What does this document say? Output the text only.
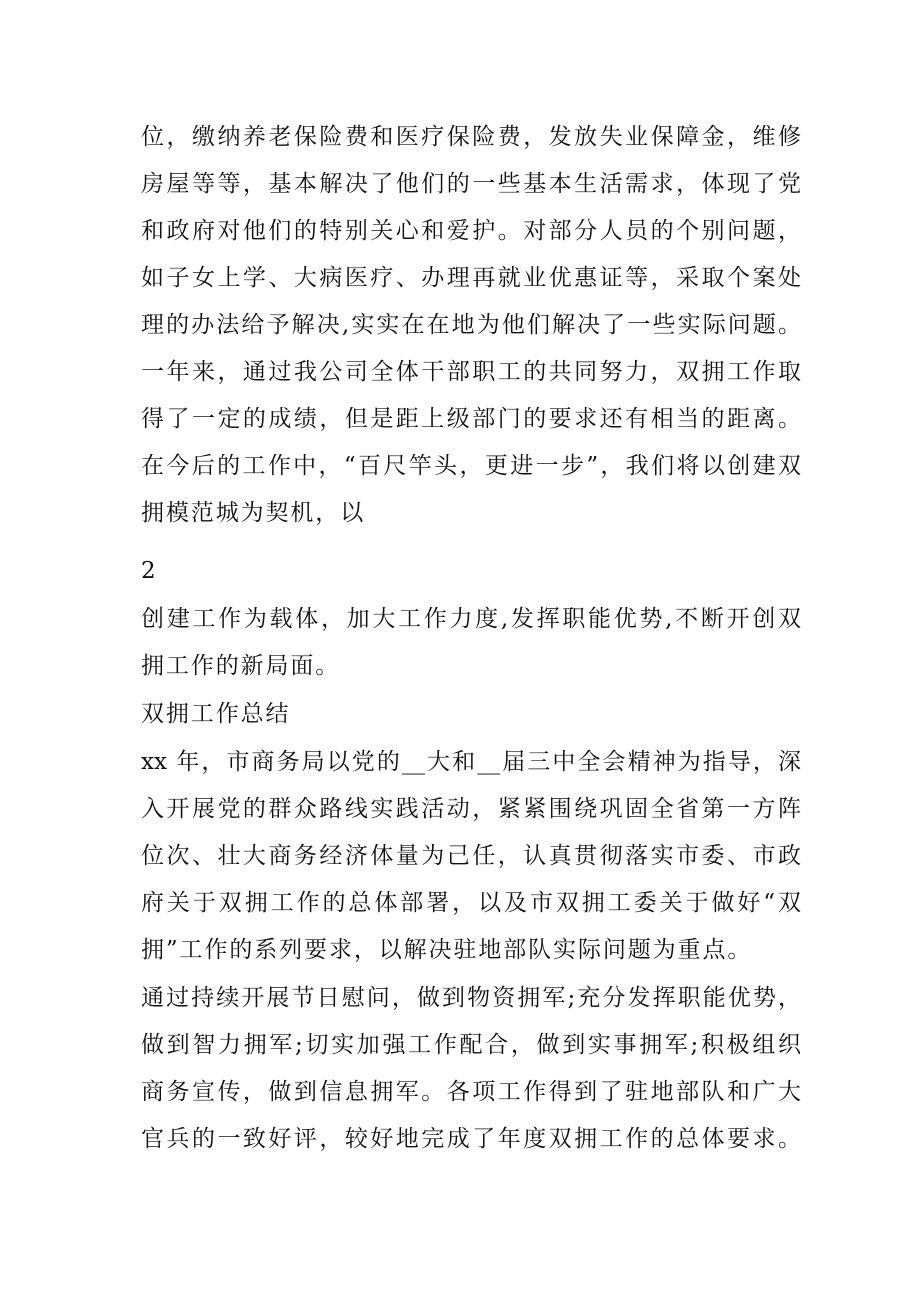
位，缴纳养老保险费和医疗保险费，发放失业保障金，维修
房屋等等，基本解决了他们的一些基本生活需求，体现了党
和政府对他们的特别关心和爱护。对部分人员的个别问题，
如子女上学、大病医疗、办理再就业优惠证等，采取个案处
理的办法给予解决,实实在在地为他们解决了一些实际问题。
一年来，通过我公司全体干部职工的共同努力，双拥工作取
得了一定的成绩，但是距上级部门的要求还有相当的距离。
在今后的工作中，“百尺竿头，更进一步”，我们将以创建双
拥模范城为契机，以
2
创建工作为载体，加大工作力度,发挥职能优势,不断开创双
拥工作的新局面。
双拥工作总结
xx 年，市商务局以党的__大和__届三中全会精神为指导，深
入开展党的群众路线实践活动，紧紧围绕巩固全省第一方阵
位次、壮大商务经济体量为己任，认真贯彻落实市委、市政
府关于双拥工作的总体部署，以及市双拥工委关于做好“双
拥”工作的系列要求，以解决驻地部队实际问题为重点。
通过持续开展节日慰问，做到物资拥军;充分发挥职能优势，
做到智力拥军;切实加强工作配合，做到实事拥军;积极组织
商务宣传，做到信息拥军。各项工作得到了驻地部队和广大
官兵的一致好评，较好地完成了年度双拥工作的总体要求。
